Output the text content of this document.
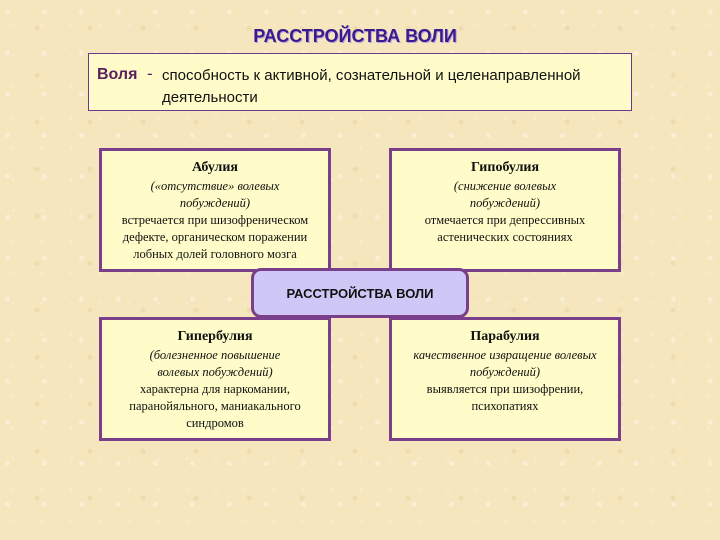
РАССТРОЙСТВА ВОЛИ
Воля - способность к активной, сознательной и целенаправленной
деятельности
Абулия
(«отсутствие» волевых
побуждений)
встречается при шизофреническом
дефекте, органическом поражении
лобных долей головного мозга
Гипобулия
(снижение волевых
побуждений)
отмечается при депрессивных
астенических состояниях
Гипербулия
(болезненное повышение
волевых побуждений)
характерна для наркомании,
паранойяльного, маниакального
синдромов
Парабулия
качественное извращение волевых
побуждений)
выявляется при шизофрении,
психопатиях
РАССТРОЙСТВА ВОЛИ
